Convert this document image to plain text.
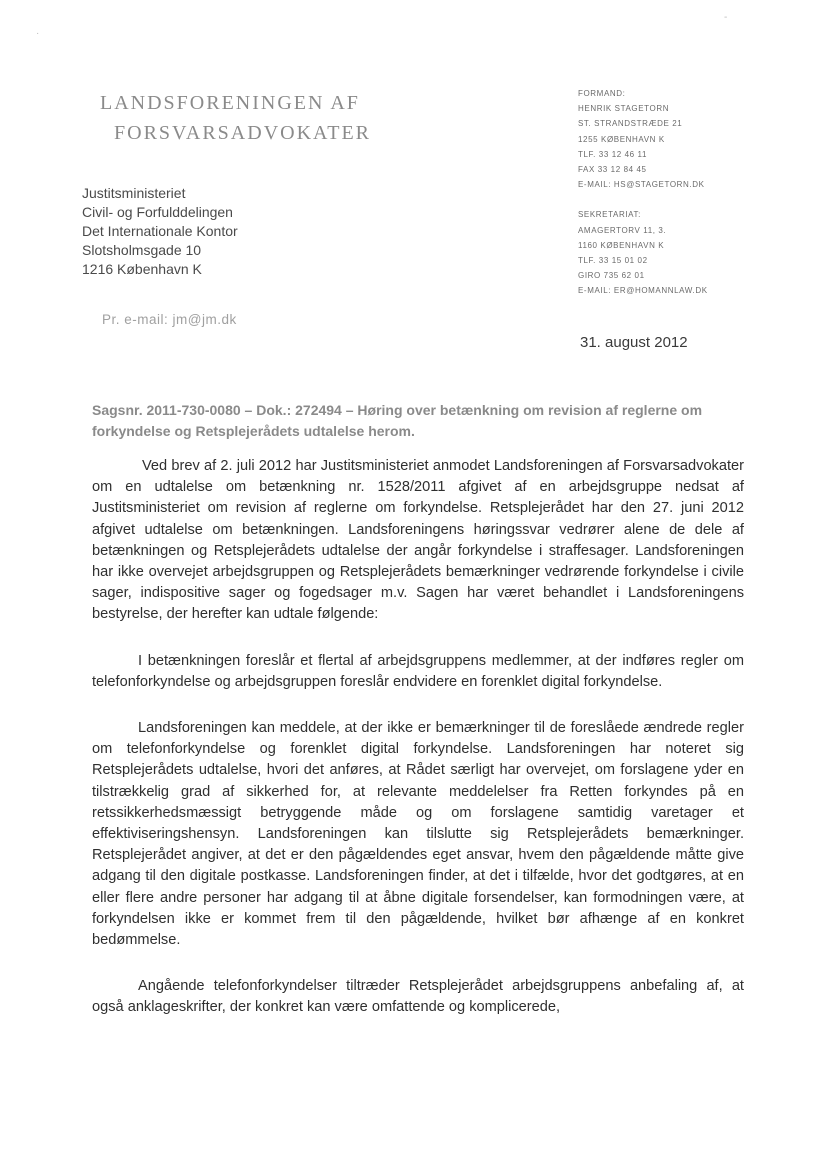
·
-
LANDSFORENINGEN AF
FORSVARSADVOKATER
FORMAND:
HENRIK STAGETORN
ST. STRANDSTRÆDE 21
1255 KØBENHAVN K
TLF. 33 12 46 11
FAX 33 12 84 45
E-MAIL: HS@STAGETORN.DK
SEKRETARIAT:
AMAGERTORV 11, 3.
1160 KØBENHAVN K
TLF. 33 15 01 02
GIRO 735 62 01
E-MAIL: ER@HOMANNLAW.DK
Justitsministeriet
Civil- og Forfulddelingen
Det Internationale Kontor
Slotsholmsgade 10
1216 København K
Pr. e-mail: jm@jm.dk
31. august 2012
Sagsnr. 2011-730-0080 – Dok.: 272494 – Høring over betænkning om revision af reglerne om forkyndelse og Retsplejerådets udtalelse herom.

Ved brev af 2. juli 2012 har Justitsministeriet anmodet Landsforeningen af Forsvarsadvokater om en udtalelse om betænkning nr. 1528/2011 afgivet af en arbejdsgruppe nedsat af Justitsministeriet om revision af reglerne om forkyndelse. Retsplejerådet har den 27. juni 2012 afgivet udtalelse om betænkningen. Landsforeningens høringssvar vedrører alene de dele af betænkningen og Retsplejerådets udtalelse der angår forkyndelse i straffesager. Landsforeningen har ikke overvejet arbejdsgruppen og Retsplejerådets bemærkninger vedrørende forkyndelse i civile sager, indispositive sager og fogedsager m.v. Sagen har været behandlet i Landsforeningens bestyrelse, der herefter kan udtale følgende:

I betænkningen foreslår et flertal af arbejdsgruppens medlemmer, at der indføres regler om telefonforkyndelse og arbejdsgruppen foreslår endvidere en forenklet digital forkyndelse.

Landsforeningen kan meddele, at der ikke er bemærkninger til de foreslåede ændrede regler om telefonforkyndelse og forenklet digital forkyndelse. Landsforeningen har noteret sig Retsplejerådets udtalelse, hvori det anføres, at Rådet særligt har overvejet, om forslagene yder en tilstrækkelig grad af sikkerhed for, at relevante meddelelser fra Retten forkyndes på en retssikkerhedsmæssigt betryggende måde og om forslagene samtidig varetager et effektiviseringshensyn. Landsforeningen kan tilslutte sig Retsplejerådets bemærkninger. Retsplejerådet angiver, at det er den pågældendes eget ansvar, hvem den pågældende måtte give adgang til den digitale postkasse. Landsforeningen finder, at det i tilfælde, hvor det godtgøres, at en eller flere andre personer har adgang til at åbne digitale forsendelser, kan formodningen være, at forkyndelsen ikke er kommet frem til den pågældende, hvilket bør afhænge af en konkret bedømmelse.

Angående telefonforkyndelser tiltræder Retsplejerådet arbejdsgruppens anbefaling af, at også anklageskrifter, der konkret kan være omfattende og komplicerede,
